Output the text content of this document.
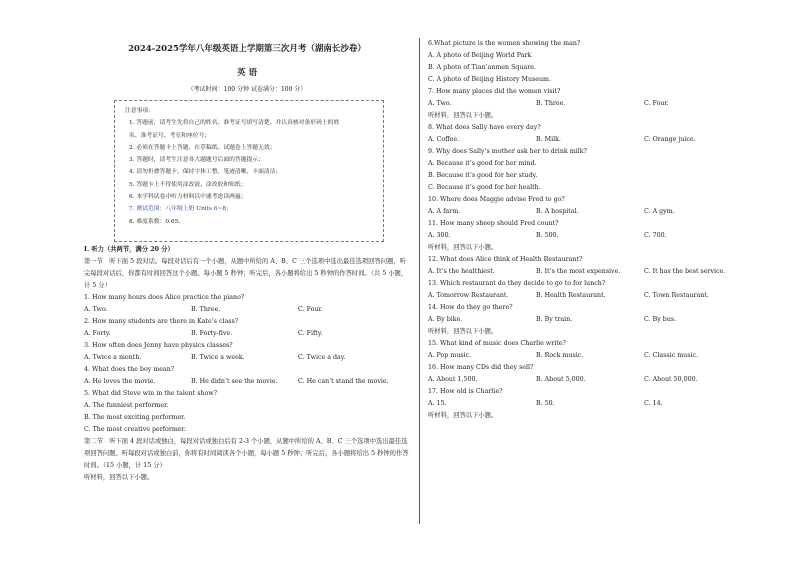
2024-2025学年八年级英语上学期第三次月考（湖南长沙卷）
英 语
（考试时间：100 分钟 试卷满分：100 分）
注意事项：
1. 答题前，请考生先将自己的姓名、准考证号填写清楚，并认真核对条形码上的姓
名、准考证号、考室和座位号；
2. 必须在答题卡上答题，在草稿纸、试题卷上答题无效；
3. 答题时，请考生注意各大题题号后面的答题提示；
4. 请勿折叠答题卡，保持字体工整、笔迹清晰、卡面清洁；
5. 答题卡上不得使用涂改液、涂改胶和贴纸；
6. 本学科试卷中听力材料以中速考虑读两遍；
7. 测试范围：八年级上册 Units 6~8；
8. 难度系数：0.65。
I. 听力（共两节，满分 20 分）
第一节　听下面 5 段对话。每段对话后有一个小题，从题中所给的 A、B、C 三个选项中选出最佳选项回答问题，听完每段对话后，你都有时间回答这个小题。每小题 5 秒钟；听完后，各小题将给出 5 秒钟的作答时间。（共 5 小题，计 5 分）
1. How many hours does Alice practice the piano?
A. Two.	B. Three.	C. Four.
2. How many students are there in Kate’s class?
A. Forty.	B. Forty-five.	C. Fifty.
3. How often does Jenny have physics classes?
A. Twice a month.	B. Twice a week.	C. Twice a day.
4. What does the boy mean?
A. He loves the movie.	B. He didn’t see the movie.	C. He can’t stand the movie.
5. What did Steve win in the talent show?
A. The funniest performer.
B. The most exciting performer.
C. The most creative performer.
第二节　听下面 4 段对话或独白，每段对话或独白后有 2-3 个小题，从题中所给的 A、B、C 三个选项中选出最佳选项回答问题。听每段对话或独白前，你将有时间阅读各个小题，每小题 5 秒钟；听完后，各小题将给出 5 秒钟的作答时间。（15 小题，计 15 分）
听材料，回答以下小题。
6.What picture is the women showing the man?
A. A photo of Beijing World Park
B. A photo of Tian’anmen Square.
C. A photo of Beijing History Museum.
7. How many places did the women visit?
A. Two.	B. Three.	C. Four.
听材料，回答以下小题。
8. What does Sally have every day?
A. Coffee.	B. Milk.	C. Orange juice.
9. Why does Sally’s mother ask her to drink milk?
A. Because it’s good for her mind.
B. Because it’s good for her study.
C. Because it’s good for her health.
10. Where does Maggie advise Fred to go?
A. A farm.	B. A hospital.	C. A gym.
11. How many sheep should Fred count?
A. 300.	B. 500.	C. 700.
听材料，回答以下小题。
12. What does Alice think of Health Restaurant?
A. It’s the healthiest.	B. It’s the most expensive.	C. It has the best service.
13. Which restaurant do they decide to go to for lunch?
A. Tomorrow Restaurant.	B. Health Restaurant.	C. Town Restaurant.
14. How do they go there?
A. By bike.	B. By train.	C. By bus.
听材料，回答以下小题。
15. What kind of music does Charlie write?
A. Pop music.	B. Rock music.	C. Classic music.
16. How many CDs did they sell?
A. About 1,500.	B. About 5,000.	C. About 50,000.
17. How old is Charlie?
A. 15.	B. 50.	C. 14.
听材料，回答以下小题。
